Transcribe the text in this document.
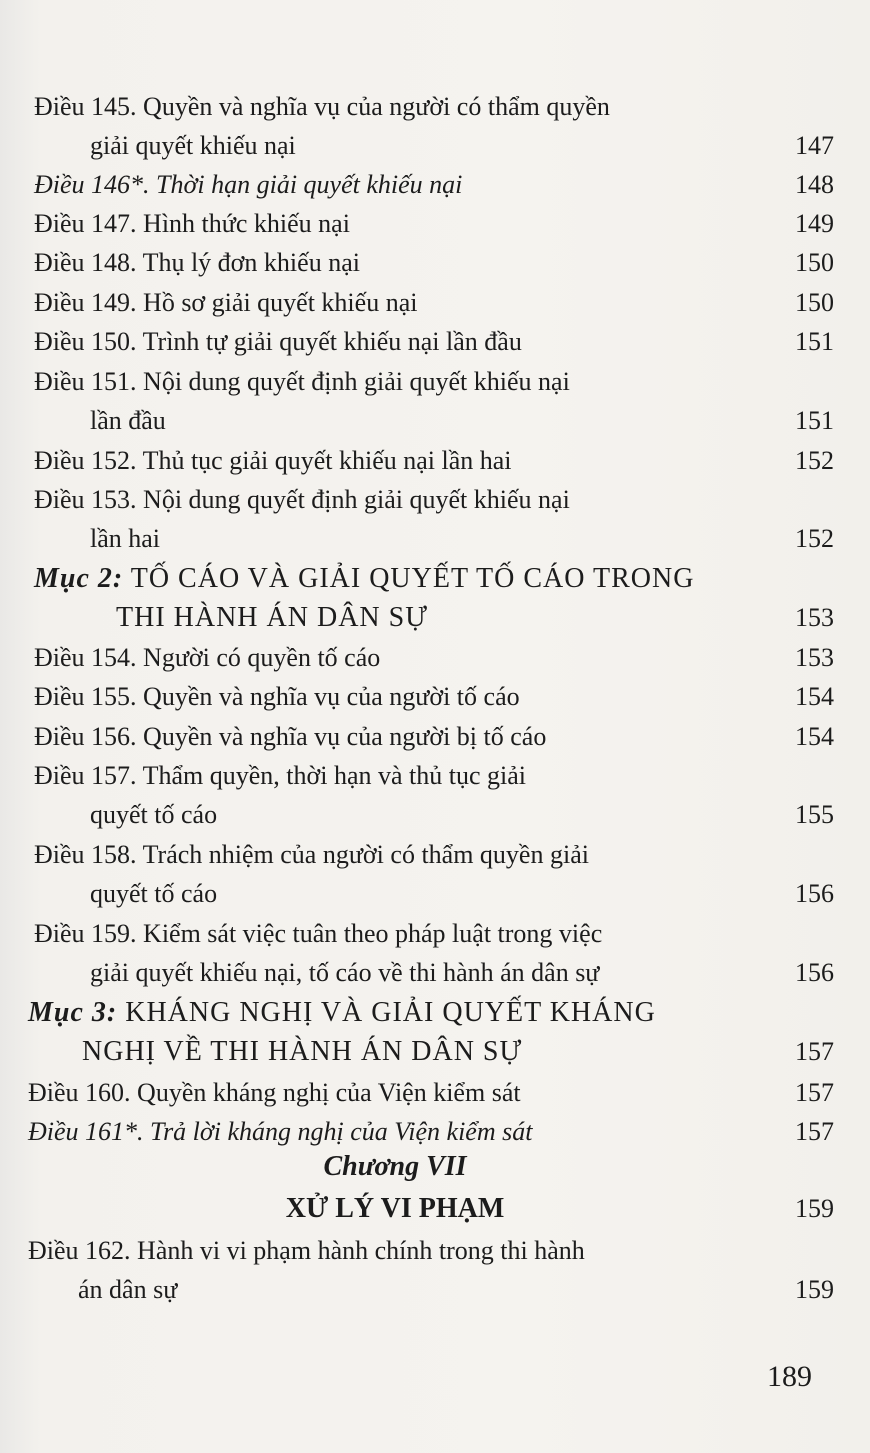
Điều 145. Quyền và nghĩa vụ của người có thẩm quyền
giải quyết khiếu nại	147
Điều 146*. Thời hạn giải quyết khiếu nại	148
Điều 147. Hình thức khiếu nại	149
Điều 148. Thụ lý đơn khiếu nại	150
Điều 149. Hồ sơ giải quyết khiếu nại	150
Điều 150. Trình tự giải quyết khiếu nại lần đầu	151
Điều 151. Nội dung quyết định giải quyết khiếu nại
lần đầu	151
Điều 152. Thủ tục giải quyết khiếu nại lần hai	152
Điều 153. Nội dung quyết định giải quyết khiếu nại
lần hai	152
Mục 2: TỐ CÁO VÀ GIẢI QUYẾT TỐ CÁO TRONG
THI HÀNH ÁN DÂN SỰ	153
Điều 154. Người có quyền tố cáo	153
Điều 155. Quyền và nghĩa vụ của người tố cáo	154
Điều 156. Quyền và nghĩa vụ của người bị tố cáo	154
Điều 157. Thẩm quyền, thời hạn và thủ tục giải
quyết tố cáo	155
Điều 158. Trách nhiệm của người có thẩm quyền giải
quyết tố cáo	156
Điều 159. Kiểm sát việc tuân theo pháp luật trong việc
giải quyết khiếu nại, tố cáo về thi hành án dân sự	156
Mục 3: KHÁNG NGHỊ VÀ GIẢI QUYẾT KHÁNG
NGHỊ VỀ THI HÀNH ÁN DÂN SỰ	157
Điều 160. Quyền kháng nghị của Viện kiểm sát	157
Điều 161*. Trả lời kháng nghị của Viện kiểm sát	157
Chương VII
XỬ LÝ VI PHẠM	159
Điều 162. Hành vi vi phạm hành chính trong thi hành
án dân sự	159
189
